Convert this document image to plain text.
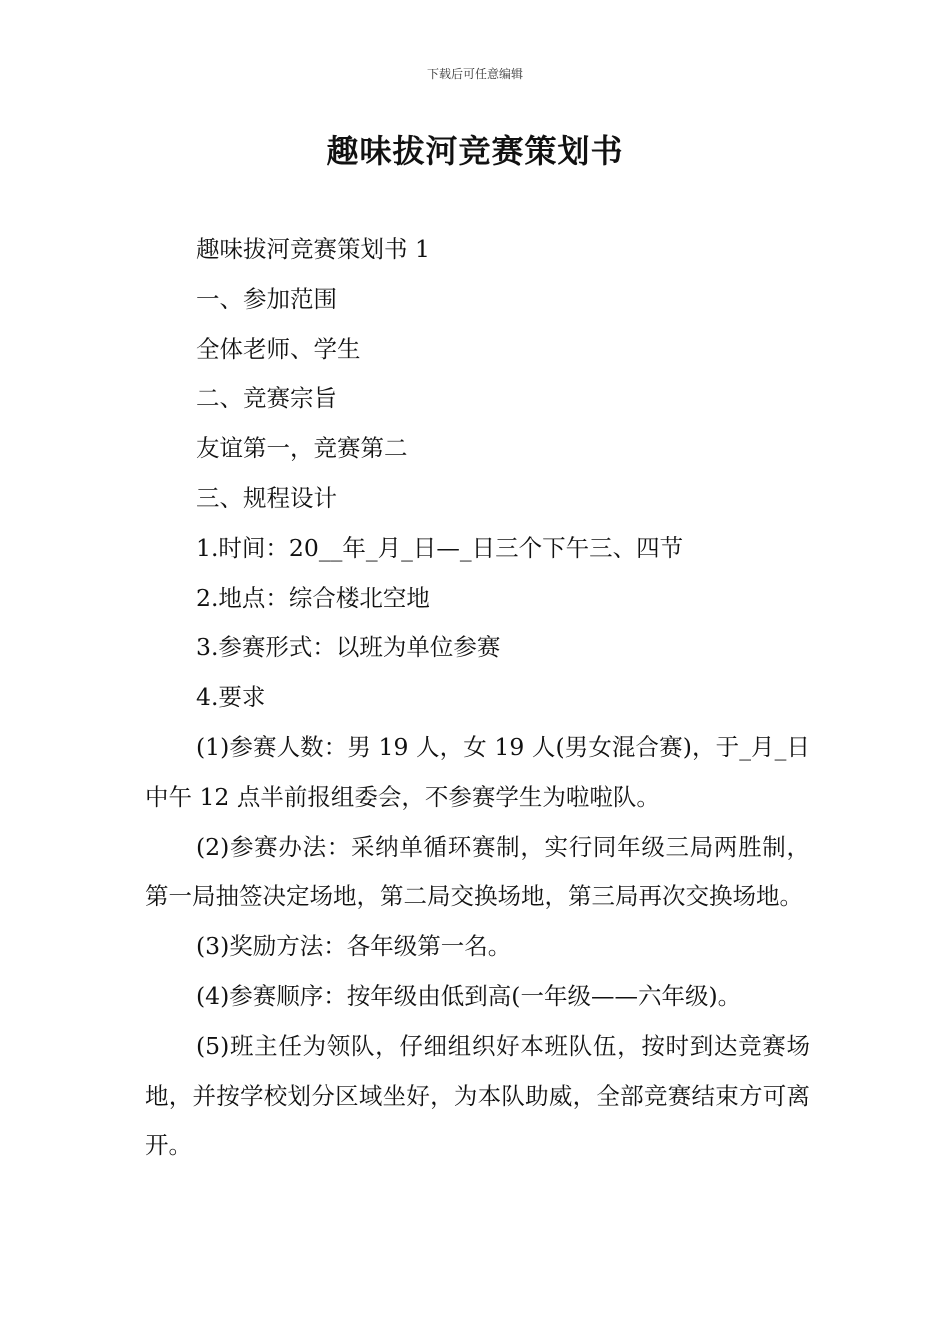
下载后可任意编辑
趣味拔河竞赛策划书

趣味拔河竞赛策划书 1

一、参加范围

全体老师、学生

二、竞赛宗旨

友谊第一，竞赛第二

三、规程设计

1.时间：20__年_月_日—_日三个下午三、四节

2.地点：综合楼北空地

3.参赛形式：以班为单位参赛

4.要求

(1)参赛人数：男 19 人，女 19 人(男女混合赛)，于_月_日中午 12 点半前报组委会，不参赛学生为啦啦队。

(2)参赛办法：采纳单循环赛制，实行同年级三局两胜制，第一局抽签决定场地，第二局交换场地，第三局再次交换场地。

(3)奖励方法：各年级第一名。

(4)参赛顺序：按年级由低到高(一年级——六年级)。

(5)班主任为领队，仔细组织好本班队伍，按时到达竞赛场地，并按学校划分区域坐好，为本队助威，全部竞赛结束方可离开。
